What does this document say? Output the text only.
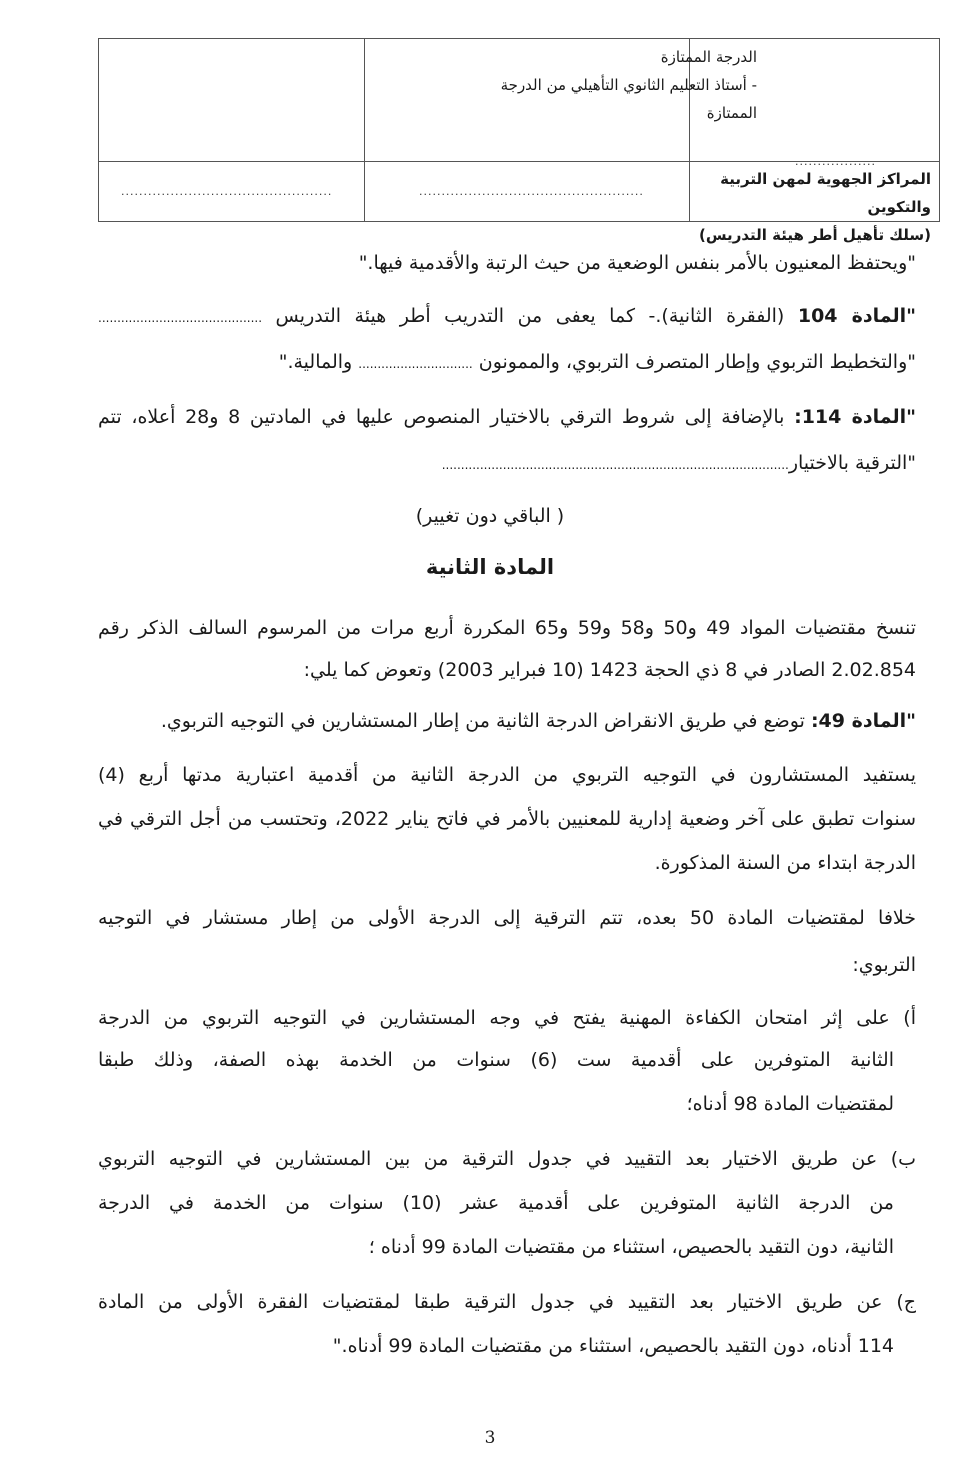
الدرجة الممتازة
- أستاذ التعليم الثانوي التأهيلي من الدرجة
الممتازة
المراكز الجهوية لمهن التربية والتكوين
(سلك تأهيل أطر هيئة التدريس)
..................................................
...............................................
..................
"ويحتفظ المعنيون بالأمر بنفس الوضعية من حيث الرتبة والأقدمية فيها."
"المادة 104 (الفقرة الثانية).- كما يعفى من التدريب أطر هيئة التدريس ...........................................
"والتخطيط التربوي وإطار المتصرف التربوي، والممونون .............................. والمالية."
"المادة 114: بالإضافة إلى شروط الترقي بالاختيار المنصوص عليها في المادتين 8 و28 أعلاه، تتم
"الترقية بالاختيار...........................................................................................
( الباقي دون تغيير)
المادة الثانية
تنسخ مقتضيات المواد 49 و50 و58 و59 و65 المكررة أربع مرات من المرسوم السالف الذكر رقم
2.02.854 الصادر في 8 ذي الحجة 1423 (10 فبراير 2003) وتعوض كما يلي:
"المادة 49: توضع في طريق الانقراض الدرجة الثانية من إطار المستشارين في التوجيه التربوي.
يستفيد المستشارون في التوجيه التربوي من الدرجة الثانية من أقدمية اعتبارية مدتها أربع (4)
سنوات تطبق على آخر وضعية إدارية للمعنيين بالأمر في فاتح يناير 2022، وتحتسب من أجل الترقي في
الدرجة ابتداء من السنة المذكورة.
خلافا لمقتضيات المادة 50 بعده، تتم الترقية إلى الدرجة الأولى من إطار مستشار في التوجيه
التربوي:
أ) على إثر امتحان الكفاءة المهنية يفتح في وجه المستشارين في التوجيه التربوي من الدرجة
الثانية المتوفرين على أقدمية ست (6) سنوات من الخدمة بهذه الصفة، وذلك طبقا
لمقتضيات المادة 98 أدناه؛
ب) عن طريق الاختيار بعد التقييد في جدول الترقية من بين المستشارين في التوجيه التربوي
من الدرجة الثانية المتوفرين على أقدمية عشر (10) سنوات من الخدمة في الدرجة
الثانية، دون التقيد بالحصيص، استثناء من مقتضيات المادة 99 أدناه ؛
ج) عن طريق الاختيار بعد التقييد في جدول الترقية طبقا لمقتضيات الفقرة الأولى من المادة
114 أدناه، دون التقيد بالحصيص، استثناء من مقتضيات المادة 99 أدناه."
3
